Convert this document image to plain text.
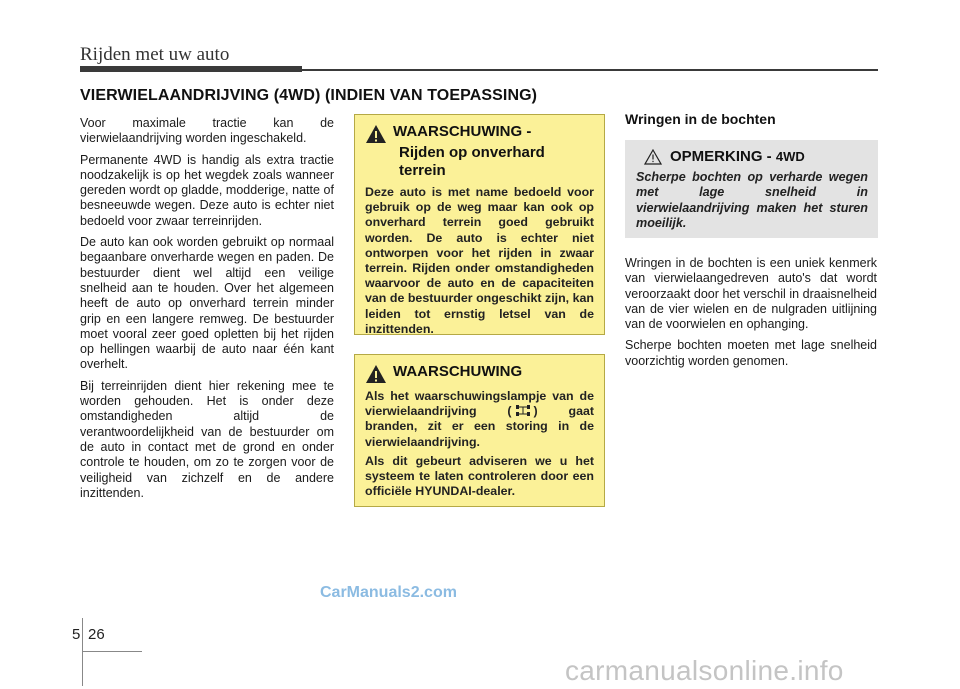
Rijden met uw auto
VIERWIELAANDRIJVING (4WD) (INDIEN VAN TOEPASSING)

Voor maximale tractie kan de vierwielaandrijving worden ingeschakeld.

Permanente 4WD is handig als extra tractie noodzakelijk is op het wegdek zoals wanneer gereden wordt op gladde, modderige, natte of besneeuwde wegen. Deze auto is echter niet bedoeld voor zwaar terreinrijden.

De auto kan ook worden gebruikt op normaal begaanbare onverharde wegen en paden. De bestuurder dient wel altijd een veilige snelheid aan te houden. Over het algemeen heeft de auto op onverhard terrein minder grip en een langere remweg. De bestuurder moet vooral zeer goed opletten bij het rijden op hellingen waarbij de auto naar één kant overhelt.

Bij terreinrijden dient hier rekening mee te worden gehouden. Het is onder deze omstandigheden altijd de verantwoordelijkheid van de bestuurder om de auto in contact met de grond en onder controle te houden, om zo te zorgen voor de veiligheid van zichzelf en de andere inzittenden.

WAARSCHUWING -
Rijden op onverhard terrein

Deze auto is met name bedoeld voor gebruik op de weg maar kan ook op onverhard terrein goed gebruikt worden. De auto is echter niet ontworpen voor het rijden in zwaar terrein. Rijden onder omstandigheden waarvoor de auto en de capaciteiten van de bestuurder ongeschikt zijn, kan leiden tot ernstig letsel van de inzittenden.

WAARSCHUWING

Als het waarschuwingslampje van de vierwielaandrijving ( ) gaat branden, zit er een storing in de vierwielaandrijving.

Als dit gebeurt adviseren we u het systeem te laten controleren door een officiële HYUNDAI-dealer.

Wringen in de bochten
OPMERKING - 4WD
Scherpe bochten op verharde wegen met lage snelheid in vierwielaandrijving maken het sturen moeilijk.

Wringen in de bochten is een uniek kenmerk van vierwielaangedreven auto's dat wordt veroorzaakt door het verschil in draaisnelheid van de vier wielen en de nulgraden uitlijning van de voorwielen en ophanging.

Scherpe bochten moeten met lage snelheid voorzichtig worden genomen.

CarManuals2.com
carmanualsonline.info
5 26
